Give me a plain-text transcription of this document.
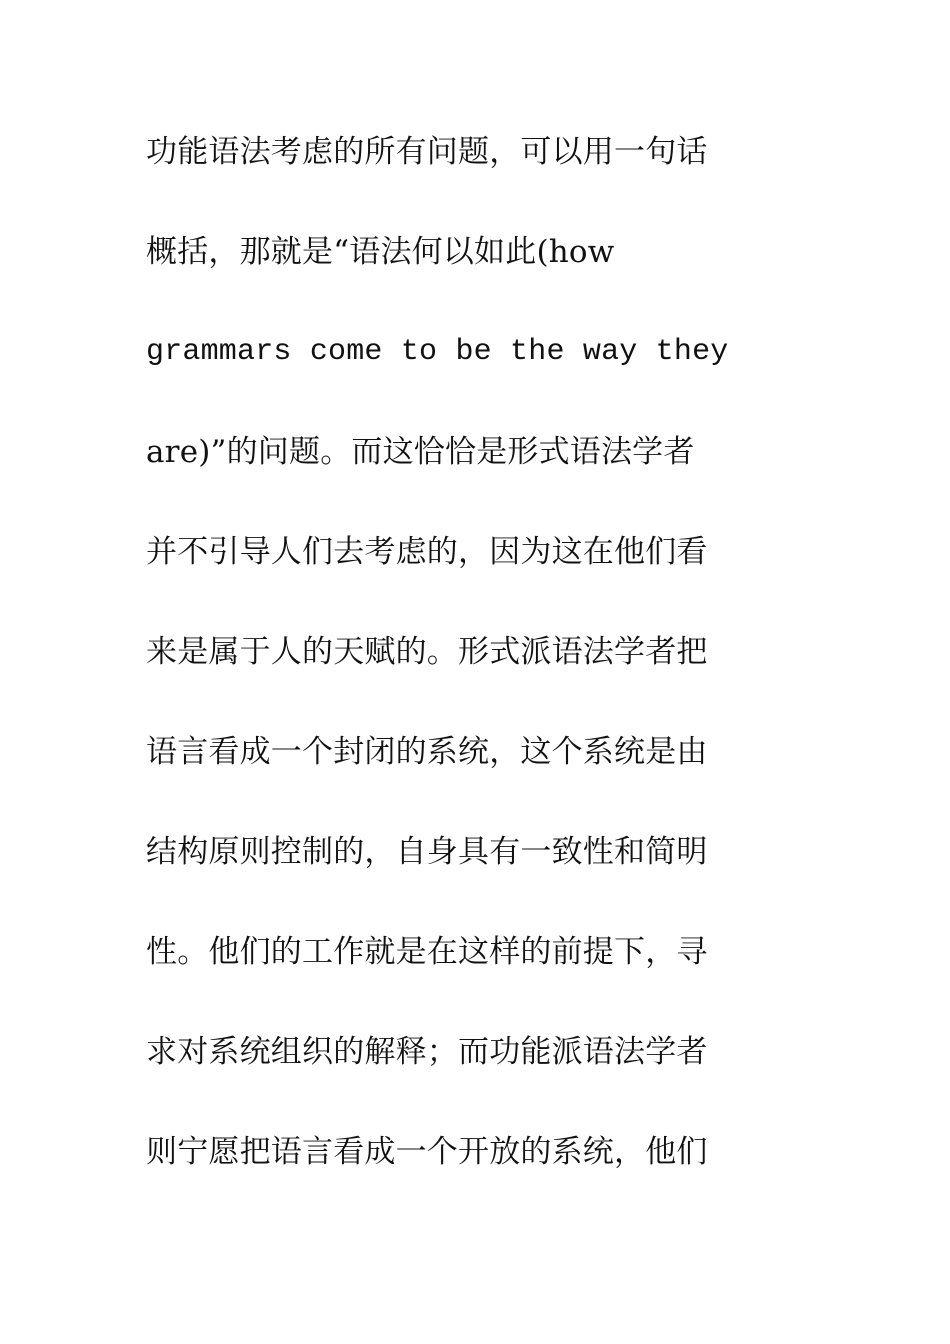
功能语法考虑的所有问题，可以用一句话
概括，那就是“语法何以如此(how
grammars come to be the way they
are)”的问题。而这恰恰是形式语法学者
并不引导人们去考虑的，因为这在他们看
来是属于人的天赋的。形式派语法学者把
语言看成一个封闭的系统，这个系统是由
结构原则控制的，自身具有一致性和简明
性。他们的工作就是在这样的前提下，寻
求对系统组织的解释；而功能派语法学者
则宁愿把语言看成一个开放的系统，他们
